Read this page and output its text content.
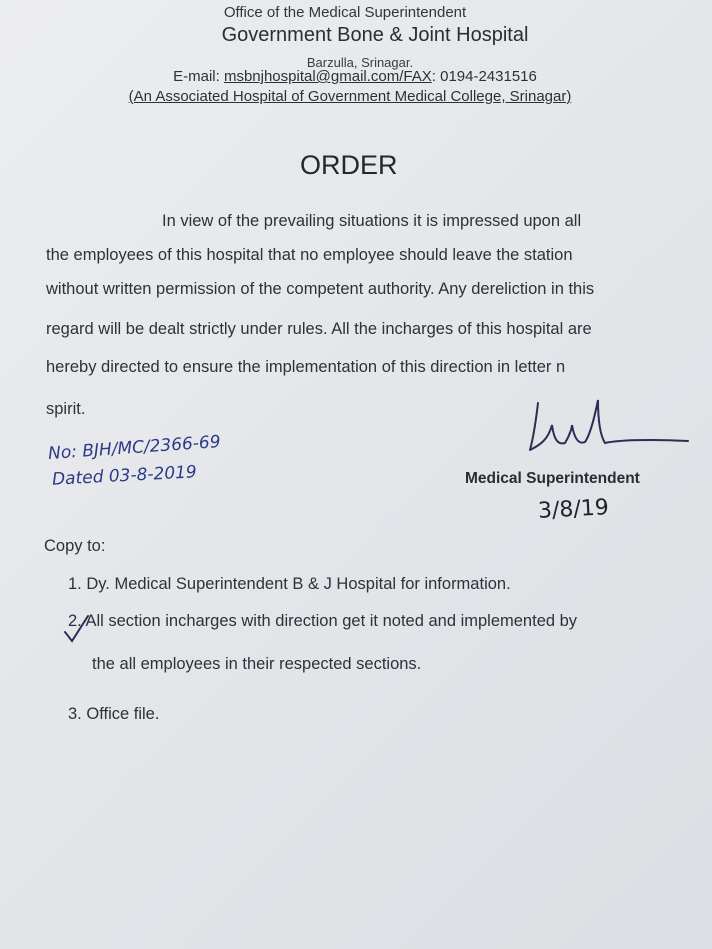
Office of the Medical Superintendent
Government Bone & Joint Hospital
Barzulla, Srinagar.
E-mail: msbnjhospital@gmail.com/FAX: 0194-2431516
(An Associated Hospital of Government Medical College, Srinagar)
ORDER
In view of the prevailing situations it is impressed upon all
the employees of this hospital that no employee should leave the station
without written permission of the competent authority. Any dereliction in this
regard will be dealt strictly under rules. All the incharges of this hospital are
hereby directed to ensure the implementation of this direction in letter n
spirit.
No: BJH/MC/2366-69
Dated 03-8-2019	Medical Superintendent
3/8/19
Copy to:
1. Dy. Medical Superintendent B & J Hospital for information.
2. All section incharges with direction get it noted and implemented by
the all employees in their respected sections.
3. Office file.
